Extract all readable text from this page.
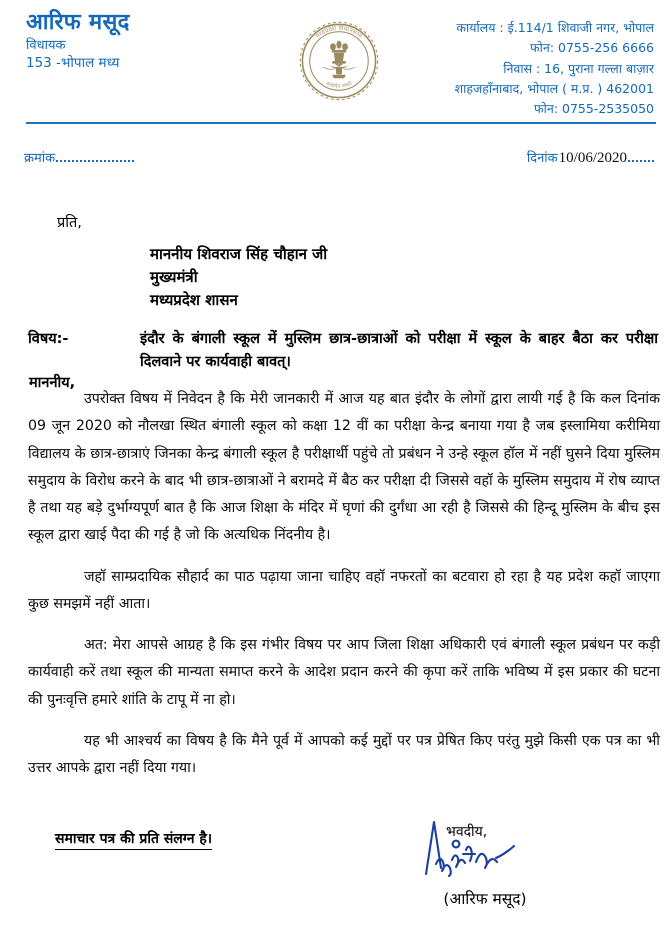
आरिफ मसूद
विधायक
153 -भोपाल मध्य
मध्यप्रदेश विधानसभा
सत्यमेव जयते
कार्यालय : ई.114/1 शिवाजी नगर, भोपाल
फोन: 0755-256 6666
निवास : 16, पुराना गल्ला बाज़ार
शाहजहाँनाबाद, भोपाल ( म.प्र. ) 462001
फोन: 0755-2535050
क्रमांक	दिनांक 10/06/2020
प्रति,
माननीय शिवराज सिंह चौहान जी
मुख्यमंत्री
मध्यप्रदेश शासन
विषय:-	इंदौर के बंगाली स्कूल में मुस्लिम छात्र-छात्राओं को परीक्षा में स्कूल के बाहर बैठा कर परीक्षा दिलवाने पर कार्यवाही बावत्।
माननीय,

उपरोक्त विषय में निवेदन है कि मेरी जानकारी में आज यह बात इंदौर के लोगों द्वारा लायी गई है कि कल दिनांक 09 जून 2020 को नौलखा स्थित बंगाली स्कूल को कक्षा 12 वीं का परीक्षा केन्द्र बनाया गया है जब इस्लामिया करीमिया विद्यालय के छात्र-छात्राएं जिनका केन्द्र बंगाली स्कूल है परीक्षार्थी पहुंचे तो प्रबंधन ने उन्हे स्कूल हॉल में नहीं घुसने दिया मुस्लिम समुदाय के विरोध करने के बाद भी छात्र-छात्राओं ने बरामदे में बैठ कर परीक्षा दी जिससे वहॉ के मुस्लिम समुदाय में रोष व्याप्त है तथा यह बड़े दुर्भाग्यपूर्ण बात है कि आज शिक्षा के मंदिर में घृणां की दुर्गंधा आ रही है जिससे की हिन्दू मुस्लिम के बीच इस स्कूल द्वारा खाई पैदा की गई है जो कि अत्यधिक निंदनीय है।

जहॉ साम्प्रदायिक सौहार्द का पाठ पढ़ाया जाना चाहिए वहॉ नफरतों का बटवारा हो रहा है यह प्रदेश कहॉ जाएगा कुछ समझमें नहीं आता।

अत: मेरा आपसे आग्रह है कि इस गंभीर विषय पर आप जिला शिक्षा अधिकारी एवं बंगाली स्कूल प्रबंधन पर कड़ी कार्यवाही करें तथा स्कूल की मान्यता समाप्त करने के आदेश प्रदान करने की कृपा करें ताकि भविष्य में इस प्रकार की घटना की पुनःवृत्ति हमारे शांति के टापू में ना हो।

यह भी आश्चर्य का विषय है कि मैने पूर्व में आपको कई मुद्दों पर पत्र प्रेषित किए परंतु मुझे किसी एक पत्र का भी उत्तर आपके द्वारा नहीं दिया गया।

समाचार पत्र की प्रति संलग्न है।	भवदीय,
(आरिफ मसूद)
